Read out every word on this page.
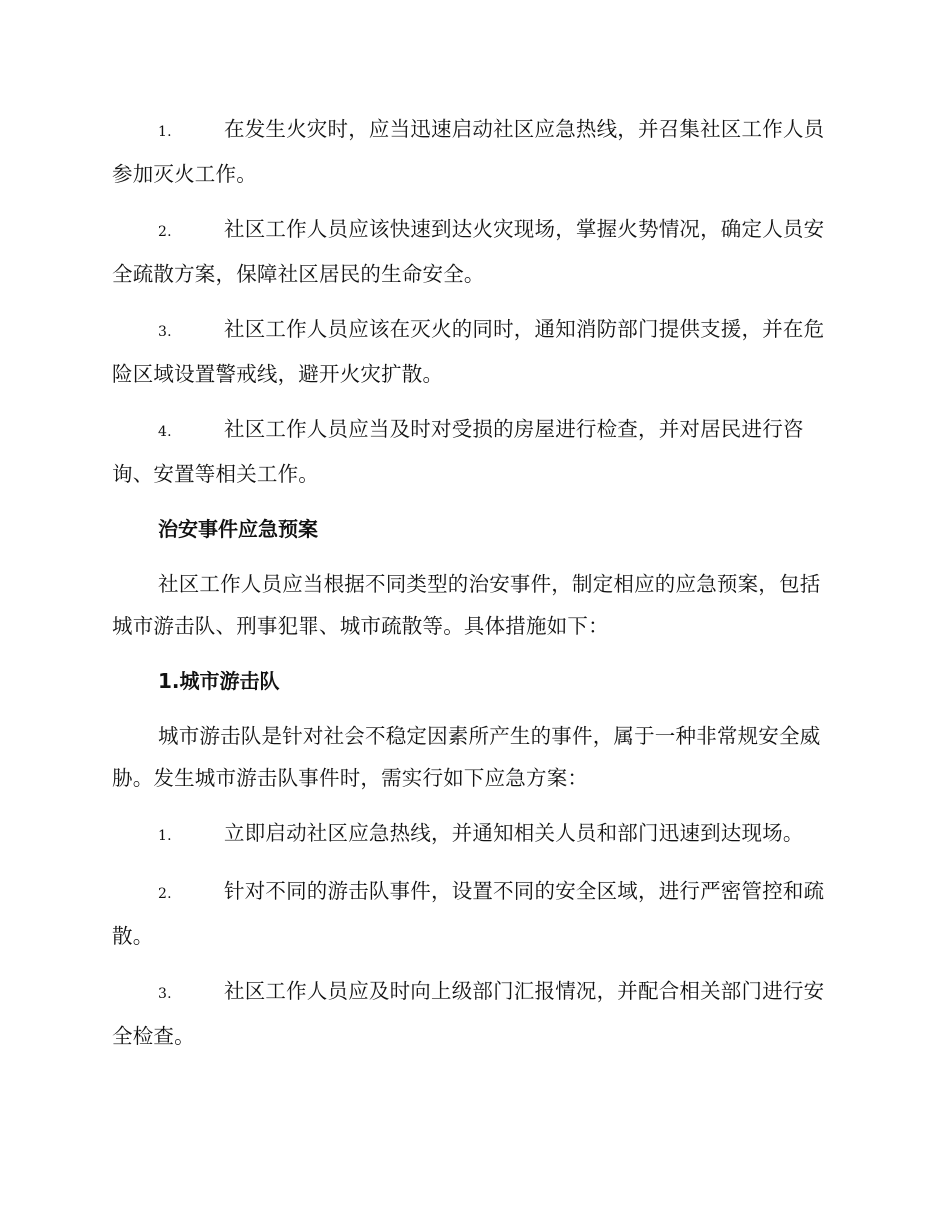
1.	在发生火灾时，应当迅速启动社区应急热线，并召集社区工作人员参加灭火工作。
2.	社区工作人员应该快速到达火灾现场，掌握火势情况，确定人员安全疏散方案，保障社区居民的生命安全。
3.	社区工作人员应该在灭火的同时，通知消防部门提供支援，并在危险区域设置警戒线，避开火灾扩散。
4.	社区工作人员应当及时对受损的房屋进行检查，并对居民进行咨询、安置等相关工作。
治安事件应急预案
社区工作人员应当根据不同类型的治安事件，制定相应的应急预案，包括城市游击队、刑事犯罪、城市疏散等。具体措施如下：
1.城市游击队
城市游击队是针对社会不稳定因素所产生的事件，属于一种非常规安全威胁。发生城市游击队事件时，需实行如下应急方案：
1.	立即启动社区应急热线，并通知相关人员和部门迅速到达现场。
2.	针对不同的游击队事件，设置不同的安全区域，进行严密管控和疏散。
3.	社区工作人员应及时向上级部门汇报情况，并配合相关部门进行安全检查。
